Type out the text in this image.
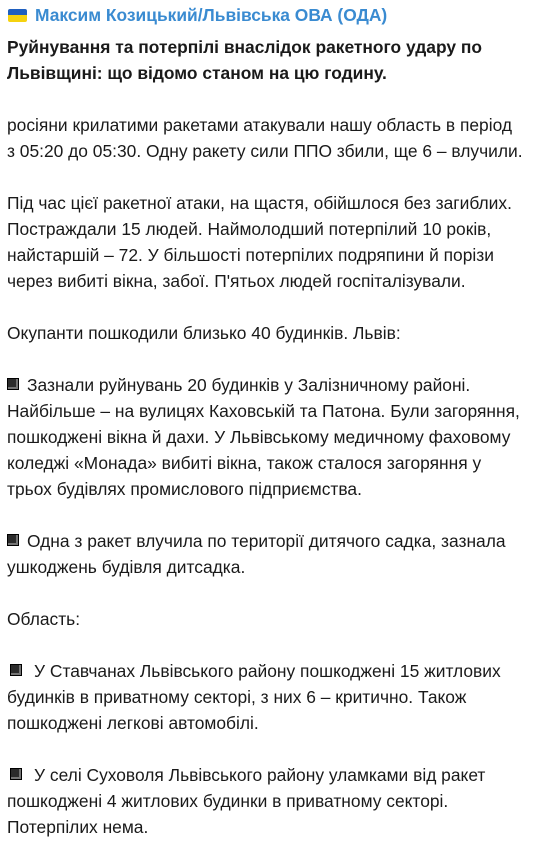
Максим Козицький/Львівська ОВА (ОДА)
Руйнування та потерпілі внаслідок ракетного удару по
Львівщині: що відомо станом на цю годину.
росіяни крилатими ракетами атакували нашу область в період
з 05:20 до 05:30. Одну ракету сили ППО збили, ще 6 – влучили.
Під час цієї ракетної атаки, на щастя, обійшлося без загиблих.
Постраждали 15 людей. Наймолодший потерпілий 10 років,
найстаршій – 72. У більшості потерпілих подряпини й порізи
через вибиті вікна, забої. П'ятьох людей госпіталізували.
Окупанти пошкодили близько 40 будинків. Львів:
Зазнали руйнувань 20 будинків у Залізничному районі.
Найбільше – на вулицях Каховській та Патона. Були загоряння,
пошкоджені вікна й дахи. У Львівському медичному фаховому
коледжі «Монада» вибиті вікна, також сталося загоряння у
трьох будівлях промислового підприємства.
Одна з ракет влучила по території дитячого садка, зазнала
ушкоджень будівля дитсадка.
Область:
У Ставчанах Львівського району пошкоджені 15 житлових
будинків в приватному секторі, з них 6 – критично. Також
пошкоджені легкові автомобілі.
У селі Суховоля Львівського району уламками від ракет
пошкоджені 4 житлових будинки в приватному секторі.
Потерпілих нема.
